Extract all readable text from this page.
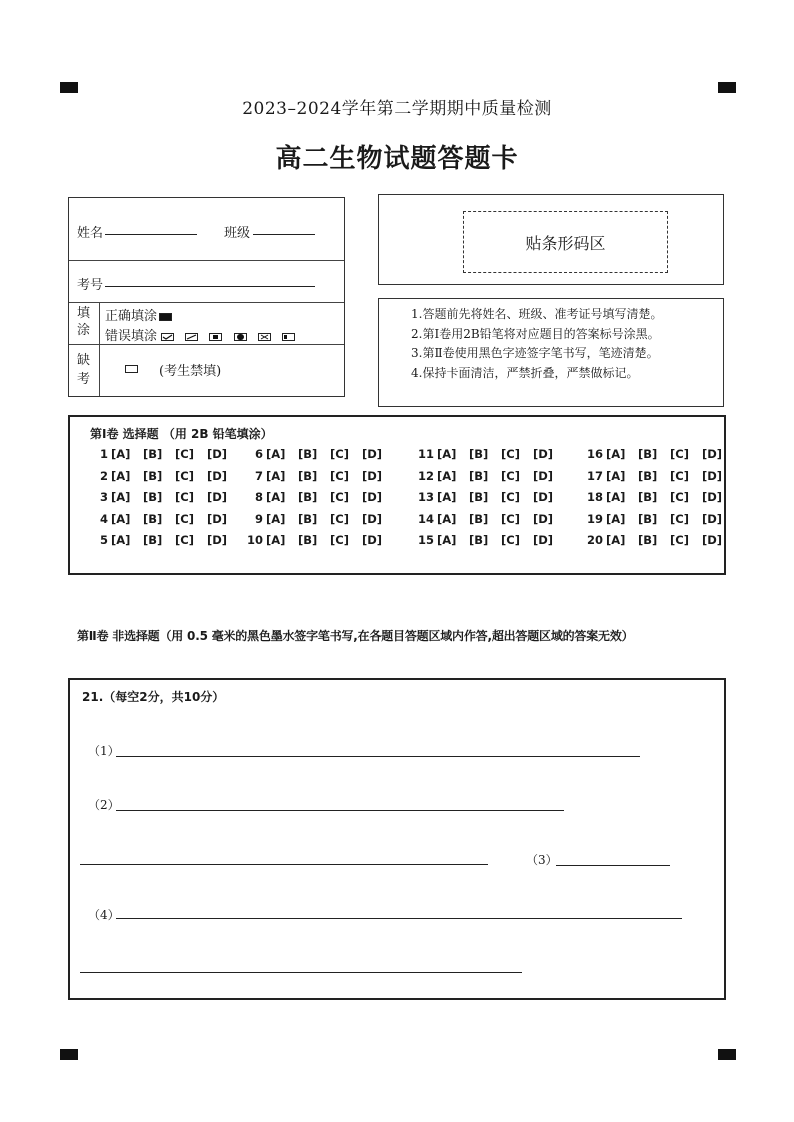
2023–2024学年第二学期期中质量检测
高二生物试题答题卡
姓名	班级
考号
填
涂
正确填涂
错误填涂

缺
考
(考生禁填)
贴条形码区
1.答题前先将姓名、班级、准考证号填写清楚。
2.第Ⅰ卷用2B铅笔将对应题目的答案标号涂黑。
3.第Ⅱ卷使用黑色字迹签字笔书写，笔迹清楚。
4.保持卡面清洁，严禁折叠，严禁做标记。
第Ⅰ卷 选择题 （用 2B 铅笔填涂）
1 [A] [B] [C] [D]	6 [A] [B] [C] [D]	11 [A] [B] [C] [D]	16 [A] [B] [C] [D]
2 [A] [B] [C] [D]	7 [A] [B] [C] [D]	12 [A] [B] [C] [D]	17 [A] [B] [C] [D]
3 [A] [B] [C] [D]	8 [A] [B] [C] [D]	13 [A] [B] [C] [D]	18 [A] [B] [C] [D]
4 [A] [B] [C] [D]	9 [A] [B] [C] [D]	14 [A] [B] [C] [D]	19 [A] [B] [C] [D]
5 [A] [B] [C] [D]	10 [A] [B] [C] [D]	15 [A] [B] [C] [D]	20 [A] [B] [C] [D]
第Ⅱ卷 非选择题（用 0.5 毫米的黑色墨水签字笔书写,在各题目答题区域内作答,超出答题区域的答案无效）
21.（每空2分，共10分）
（1）
（2）
（3）
（4）
